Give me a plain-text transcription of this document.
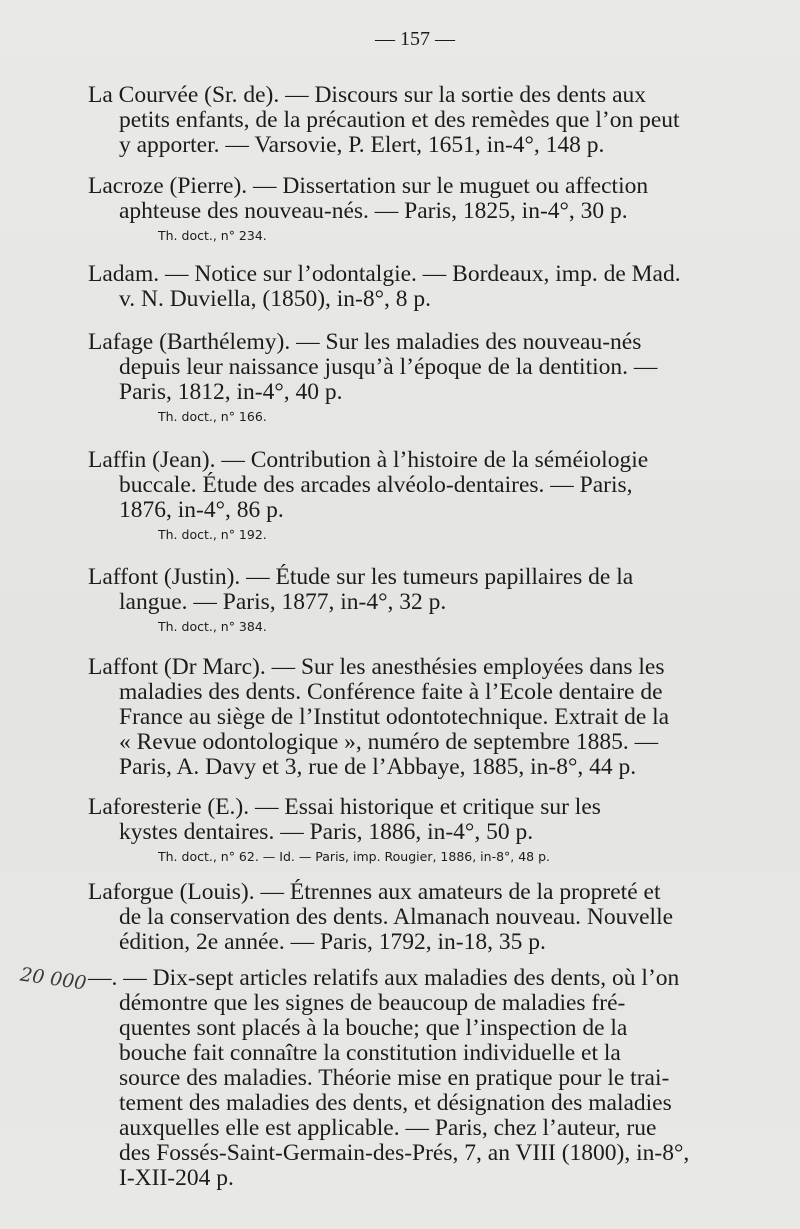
— 157 —
20 000
La Courvée (Sr. de). — Discours sur la sortie des dents aux
petits enfants, de la précaution et des remèdes que l’on peut
y apporter. — Varsovie, P. Elert, 1651, in-4°, 148 p.
Lacroze (Pierre). — Dissertation sur le muguet ou affection
aphteuse des nouveau-nés. — Paris, 1825, in-4°, 30 p.
Th. doct., n° 234.
Ladam. — Notice sur l’odontalgie. — Bordeaux, imp. de Mad.
v. N. Duviella, (1850), in-8°, 8 p.
Lafage (Barthélemy). — Sur les maladies des nouveau-nés
depuis leur naissance jusqu’à l’époque de la dentition. —
Paris, 1812, in-4°, 40 p.
Th. doct., n° 166.
Laffin (Jean). — Contribution à l’histoire de la séméiologie
buccale. Étude des arcades alvéolo-dentaires. — Paris,
1876, in-4°, 86 p.
Th. doct., n° 192.
Laffont (Justin). — Étude sur les tumeurs papillaires de la
langue. — Paris, 1877, in-4°, 32 p.
Th. doct., n° 384.
Laffont (Dr Marc). — Sur les anesthésies employées dans les
maladies des dents. Conférence faite à l’Ecole dentaire de
France au siège de l’Institut odontotechnique. Extrait de la
« Revue odontologique », numéro de septembre 1885. —
Paris, A. Davy et 3, rue de l’Abbaye, 1885, in-8°, 44 p.
Laforesterie (E.). — Essai historique et critique sur les
kystes dentaires. — Paris, 1886, in-4°, 50 p.
Th. doct., n° 62. — Id. — Paris, imp. Rougier, 1886, in-8°, 48 p.
Laforgue (Louis). — Étrennes aux amateurs de la propreté et
de la conservation des dents. Almanach nouveau. Nouvelle
édition, 2e année. — Paris, 1792, in-18, 35 p.
—. — Dix-sept articles relatifs aux maladies des dents, où l’on
démontre que les signes de beaucoup de maladies fré-
quentes sont placés à la bouche; que l’inspection de la
bouche fait connaître la constitution individuelle et la
source des maladies. Théorie mise en pratique pour le trai-
tement des maladies des dents, et désignation des maladies
auxquelles elle est applicable. — Paris, chez l’auteur, rue
des Fossés-Saint-Germain-des-Prés, 7, an VIII (1800), in-8°,
I-XII-204 p.
